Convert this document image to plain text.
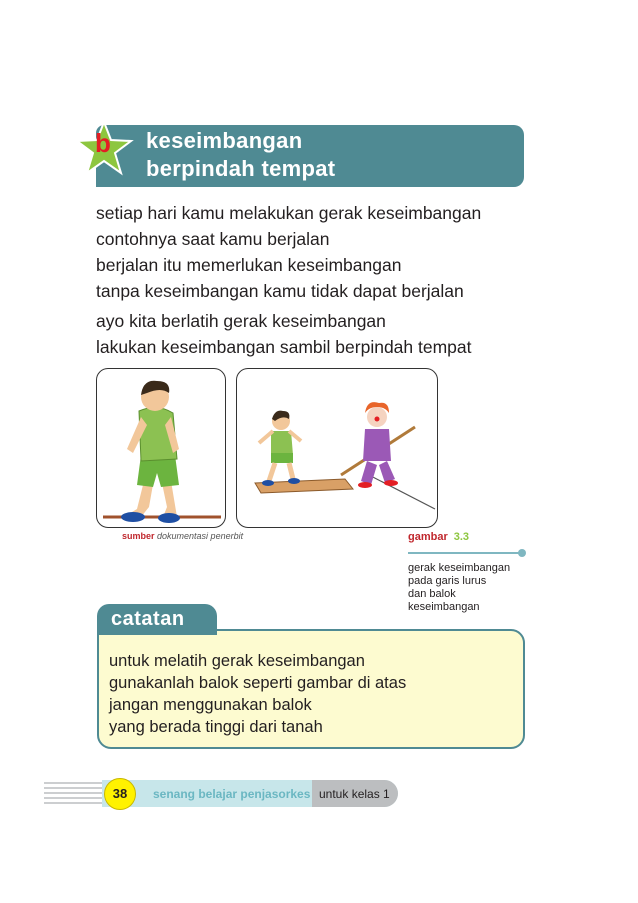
b	keseimbangan
berpindah tempat
setiap hari kamu melakukan gerak keseimbangan
contohnya saat kamu berjalan
berjalan itu memerlukan keseimbangan
tanpa keseimbangan kamu tidak dapat berjalan
ayo kita berlatih gerak keseimbangan
lakukan keseimbangan sambil berpindah tempat
sumber dokumentasi penerbit	gambar 3.3
gerak keseimbangan
pada garis lurus
dan balok
keseimbangan
catatan
untuk melatih gerak keseimbangan
gunakanlah balok seperti gambar di atas
jangan menggunakan balok
yang berada tinggi dari tanah
38	senang belajar penjasorkes untuk kelas 1
